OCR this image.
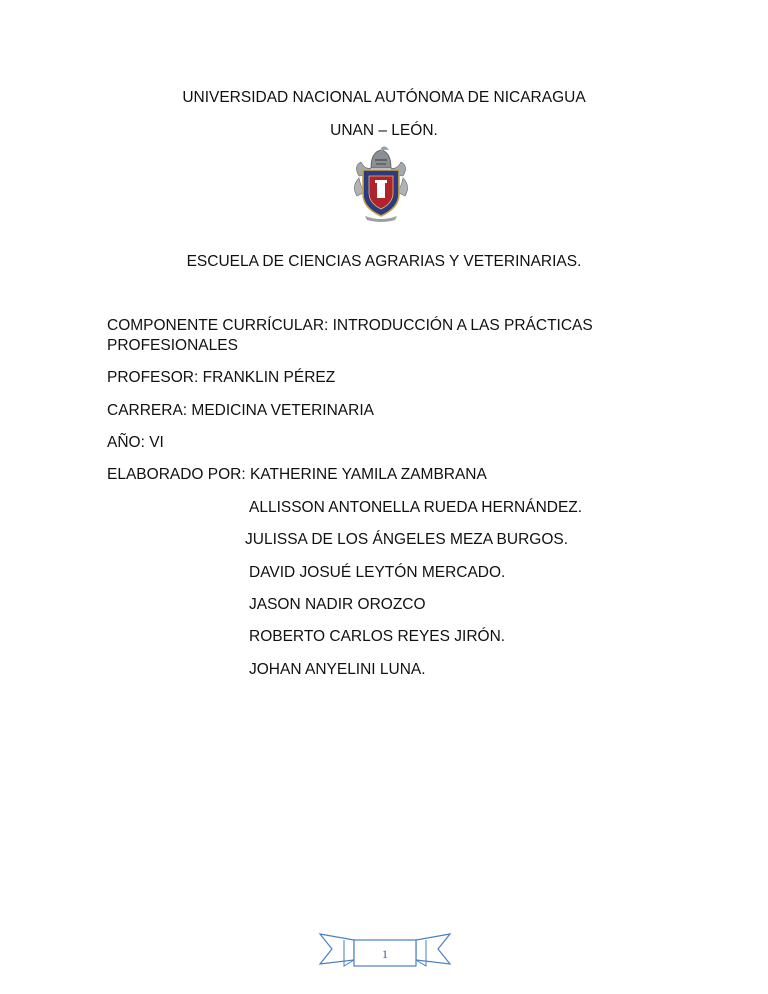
UNIVERSIDAD NACIONAL AUTÓNOMA DE NICARAGUA
UNAN – LEÓN.
ESCUELA DE CIENCIAS AGRARIAS Y VETERINARIAS.
COMPONENTE CURRÍCULAR: INTRODUCCIÓN A LAS PRÁCTICAS
PROFESIONALES
PROFESOR: FRANKLIN PÉREZ
CARRERA: MEDICINA VETERINARIA
AÑO: VI
ELABORADO POR: KATHERINE YAMILA ZAMBRANA
ALLISSON ANTONELLA RUEDA HERNÁNDEZ.
JULISSA DE LOS ÁNGELES MEZA BURGOS.
DAVID JOSUÉ LEYTÓN MERCADO.
JASON NADIR OROZCO
ROBERTO CARLOS REYES JIRÓN.
JOHAN ANYELINI LUNA.
1
